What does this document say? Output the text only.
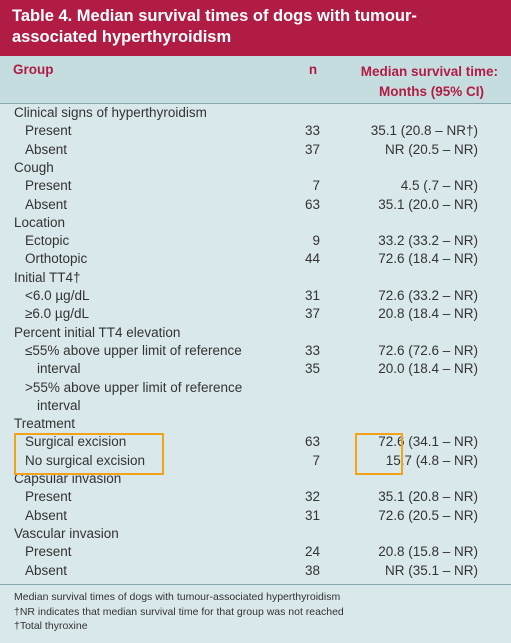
Table 4. Median survival times of dogs with tumour-
associated hyperthyroidism
Group	n	Median survival time:
Months (95% CI)
Clinical signs of hyperthyroidism
Present	33	35.1 (20.8 – NR†)
Absent	37	NR (20.5 – NR)
Cough
Present	7	4.5 (.7 – NR)
Absent	63	35.1 (20.0 – NR)
Location
Ectopic	9	33.2 (33.2 – NR)
Orthotopic	44	72.6 (18.4 – NR)
Initial TT4†
<6.0 µg/dL	31	72.6 (33.2 – NR)
≥6.0 µg/dL	37	20.8 (18.4 – NR)
Percent initial TT4 elevation
≤55% above upper limit of reference	33	72.6 (72.6 – NR)
interval	35	20.0 (18.4 – NR)
>55% above upper limit of reference
interval
Treatment
Surgical excision	63	72.6 (34.1 – NR)
No surgical excision	7	15.7 (4.8 – NR)
Capsular invasion
Present	32	35.1 (20.8 – NR)
Absent	31	72.6 (20.5 – NR)
Vascular invasion
Present	24	20.8 (15.8 – NR)
Absent	38	NR (35.1 – NR)
Median survival times of dogs with tumour-associated hyperthyroidism
†NR indicates that median survival time for that group was not reached
†Total thyroxine
